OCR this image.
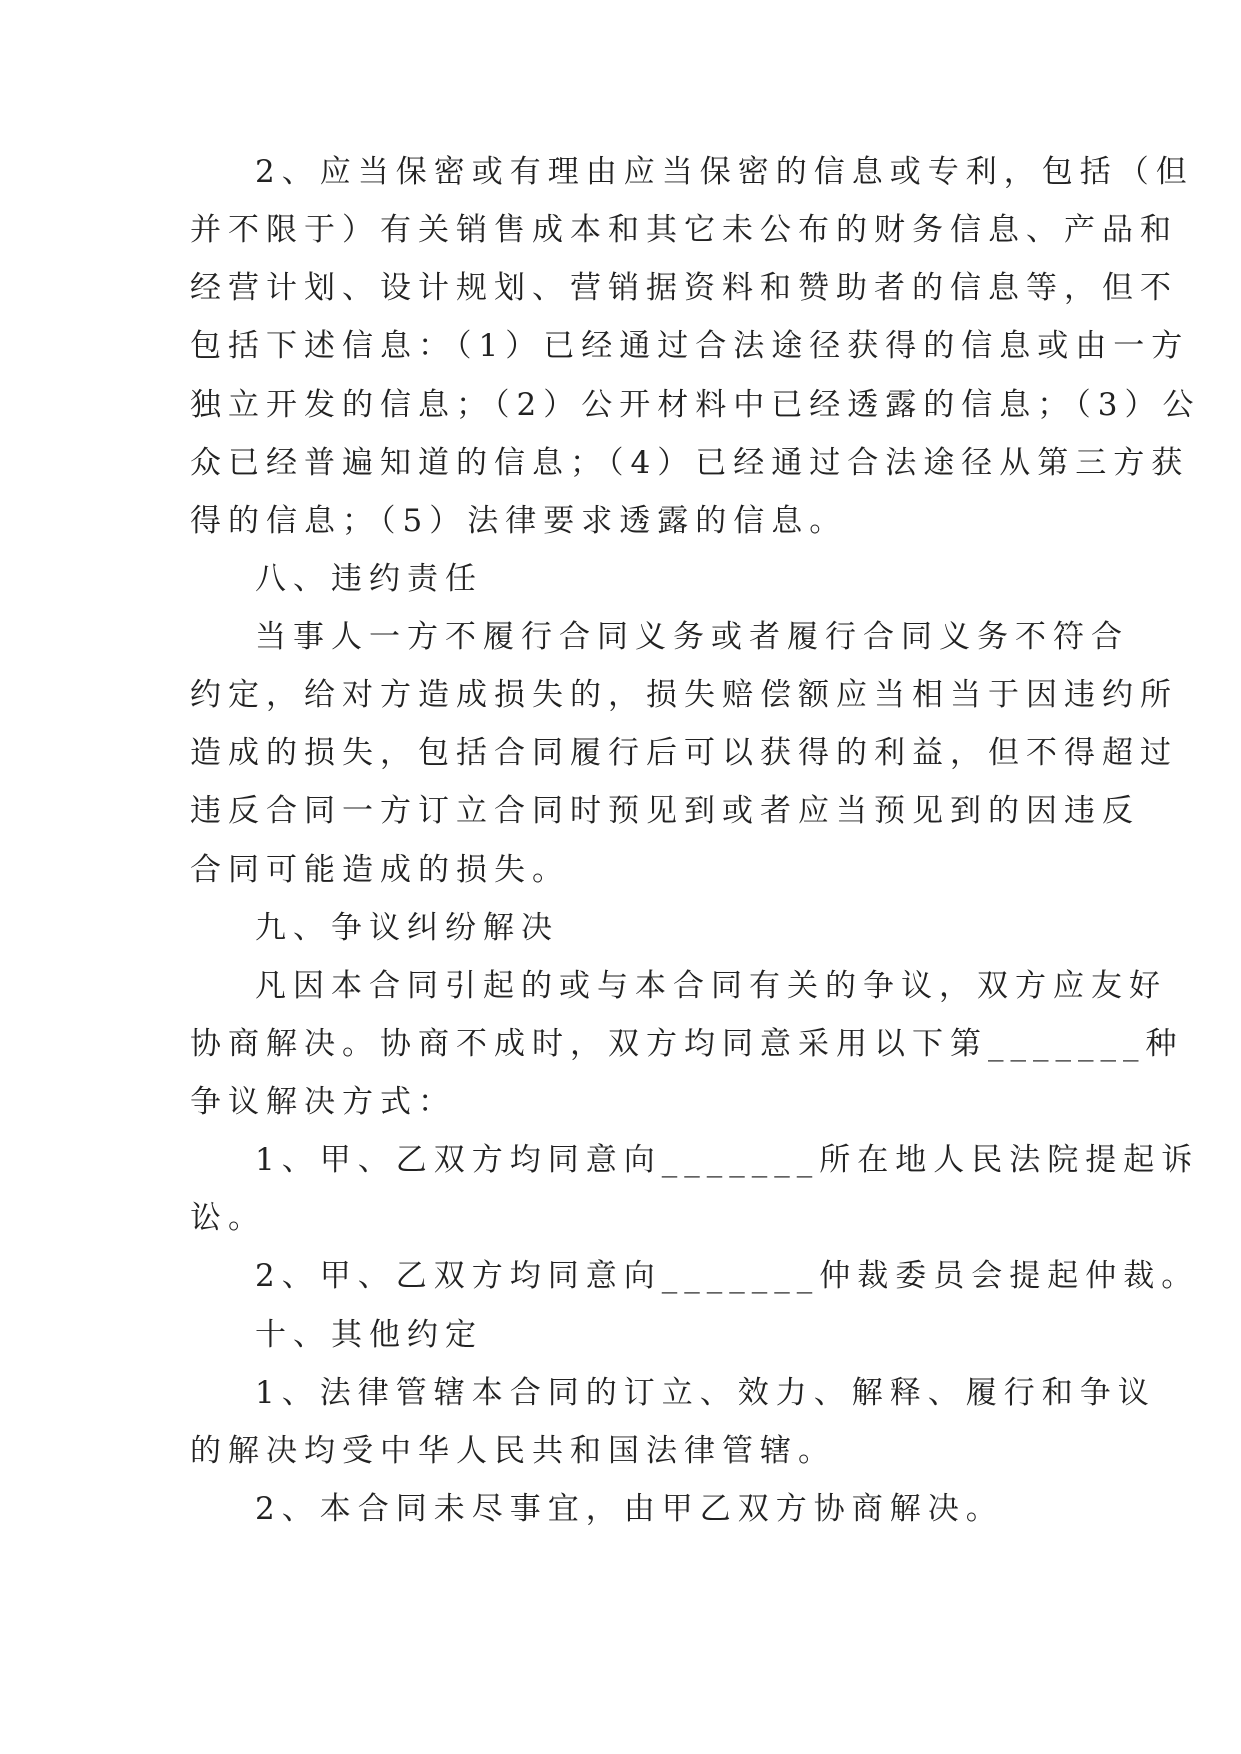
2、应当保密或有理由应当保密的信息或专利，包括（但
并不限于）有关销售成本和其它未公布的财务信息、产品和
经营计划、设计规划、营销据资料和赞助者的信息等，但不
包括下述信息：（1）已经通过合法途径获得的信息或由一方
独立开发的信息；（2）公开材料中已经透露的信息；（3）公
众已经普遍知道的信息；（4）已经通过合法途径从第三方获
得的信息；（5）法律要求透露的信息。
八、违约责任
当事人一方不履行合同义务或者履行合同义务不符合
约定，给对方造成损失的，损失赔偿额应当相当于因违约所
造成的损失，包括合同履行后可以获得的利益，但不得超过
违反合同一方订立合同时预见到或者应当预见到的因违反
合同可能造成的损失。
九、争议纠纷解决
凡因本合同引起的或与本合同有关的争议，双方应友好
协商解决。协商不成时，双方均同意采用以下第_______种
争议解决方式：
1、甲、乙双方均同意向_______所在地人民法院提起诉
讼。
2、甲、乙双方均同意向_______仲裁委员会提起仲裁。
十、其他约定
1、法律管辖本合同的订立、效力、解释、履行和争议
的解决均受中华人民共和国法律管辖。
2、本合同未尽事宜，由甲乙双方协商解决。
